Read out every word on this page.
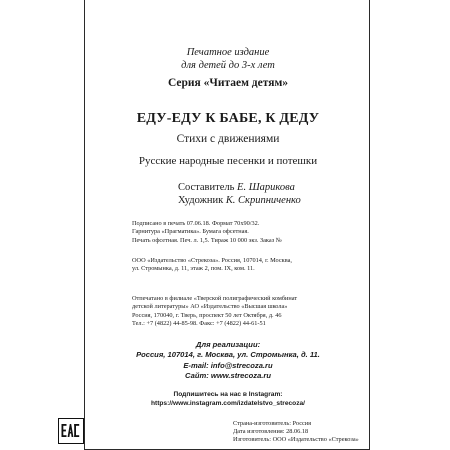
Печатное издание
для детей до 3-х лет
Серия «Читаем детям»
ЕДУ-ЕДУ К БАБЕ, К ДЕДУ
Стихи с движениями
Русские народные песенки и потешки
Составитель Е. Шарикова
Художник К. Скрипниченко
Подписано в печать 07.06.18. Формат 70х90/32.
Гарнитура «Прагматика». Бумага офсетная.
Печать офсетная. Печ. л. 1,5. Тираж 10 000 экз. Заказ №
ООО «Издательство «Стрекоза». Россия, 107014, г. Москва,
ул. Стромынка, д. 11, этаж 2, пом. IX, ком. 11.
Отпечатано в филиале «Тверской полиграфический комбинат
детской литературы» АО «Издательство «Высшая школа»
Россия, 170040, г. Тверь, проспект 50 лет Октября, д. 46
Тел.: +7 (4822) 44-85-98. Факс: +7 (4822) 44-61-51
Для реализации:
Россия, 107014, г. Москва, ул. Стромынка, д. 11.
E-mail: info@strecoza.ru
Сайт: www.strecoza.ru
Подпишитесь на нас в Instagram:
https://www.instagram.com/izdatelstvo_strecoza/
Страна-изготовитель: Россия
Дата изготовления: 28.06.18
Изготовитель: ООО «Издательство «Стрекоза»
